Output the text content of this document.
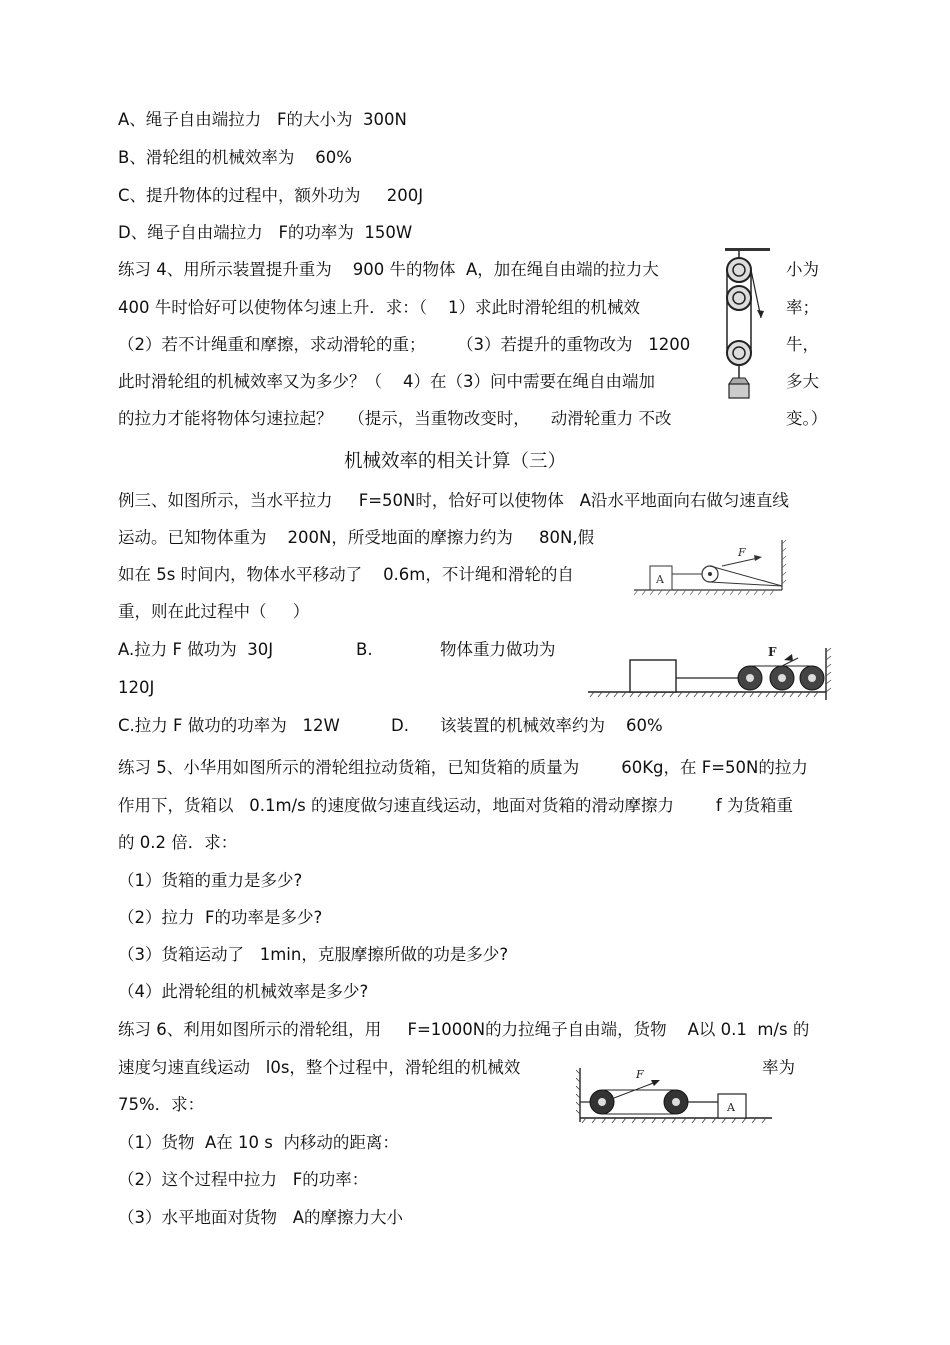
A、绳子自由端拉力   F的大小为  300N
B、滑轮组的机械效率为    60%
C、提升物体的过程中，额外功为     200J
D、绳子自由端拉力   F的功率为  150W
练习 4、用所示装置提升重为    900 牛的物体  A，加在绳自由端的拉力大	小为
400 牛时恰好可以使物体匀速上升．求：（    1）求此时滑轮组的机械效	率；
（2）若不计绳重和摩擦，求动滑轮的重；      （3）若提升的重物改为   1200	牛，
此时滑轮组的机械效率又为多少？（    4）在（3）问中需要在绳自由端加	多大
的拉力才能将物体匀速拉起？   （提示，当重物改变时，    动滑轮重力 不改	变。）
机械效率的相关计算（三）
例三、如图所示，当水平拉力     F=50N时，恰好可以使物体   A沿水平地面向右做匀速直线
运动。已知物体重为    200N，所受地面的摩擦力约为     80N,假
如在 5s 时间内，物体水平移动了    0.6m，不计绳和滑轮的自
重，则在此过程中（     ）
A
F
A.拉力 F 做功为  30J	B.	物体重力做功为
120J
F
C.拉力 F 做功的功率为   12W	D. 该装置的机械效率约为    60%
练习 5、小华用如图所示的滑轮组拉动货箱，已知货箱的质量为        60Kg，在 F=50N的拉力
作用下，货箱以   0.1m/s 的速度做匀速直线运动，地面对货箱的滑动摩擦力        f 为货箱重
的 0.2 倍．求：
（1）货箱的重力是多少?
（2）拉力  F的功率是多少?
（3）货箱运动了   1min，克服摩擦所做的功是多少?
（4）此滑轮组的机械效率是多少?
练习 6、利用如图所示的滑轮组，用     F=1000N的力拉绳子自由端，货物    A以 0.1  m/s 的
速度匀速直线运动   l0s，整个过程中，滑轮组的机械效	率为
75%．求：
F
A
（1）货物  A在 10 s  内移动的距离：
（2）这个过程中拉力   F的功率：
（3）水平地面对货物   A的摩擦力大小
